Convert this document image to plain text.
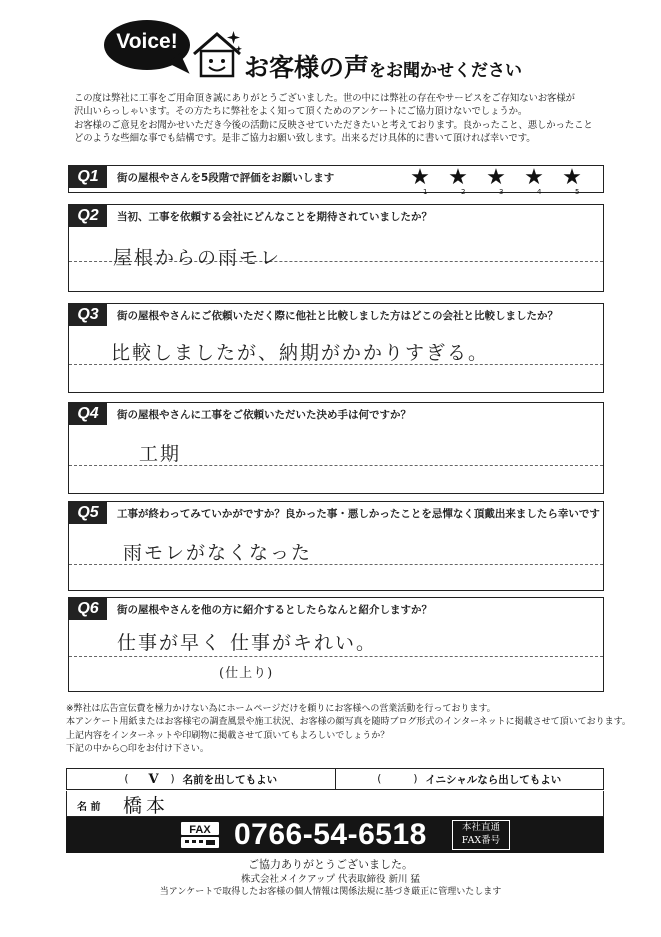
Voice!
お客様の声をお聞かせください

この度は弊社に工事をご用命頂き誠にありがとうございました。世の中には弊社の存在やサービスをご存知ないお客様が

沢山いらっしゃいます。その方たちに弊社をよく知って頂くためのアンケートにご協力頂けないでしょうか。

お客様のご意見をお聞かせいただき今後の活動に反映させていただきたいと考えております。良かったこと、悪しかったこと

どのような些細な事でも結構です。是非ご協力お願い致します。出来るだけ具体的に書いて頂ければ幸いです。

Q1	街の屋根やさんを5段階で評価をお願いします	★
1
★
2
★
3
★
4
★
5
Q2	当初、工事を依頼する会社にどんなことを期待されていましたか？
屋根からの雨モレ
Q3	街の屋根やさんにご依頼いただく際に他社と比較しました方はどこの会社と比較しましたか？
比較しましたが、納期がかかりすぎる。
Q4	街の屋根やさんに工事をご依頼いただいた決め手は何ですか？
工期
Q5	工事が終わってみていかがですか？良かった事・悪しかったことを忌憚なく頂戴出来ましたら幸いです
雨モレがなくなった
Q6	街の屋根やさんを他の方に紹介するとしたらなんと紹介しますか？
仕事が早く 仕事がキれい。
(仕上り)

※弊社は広告宣伝費を極力かけない為にホームページだけを頼りにお客様への営業活動を行っております。

本アンケート用紙またはお客様宅の調査風景や施工状況、お客様の顔写真を随時ブログ形式のインターネットに掲載させて頂いております。

上記内容をインターネットや印刷物に掲載させて頂いてもよろしいでしょうか？

下記の中から○印をお付け下さい。

( V ) 名前を出してもよい	(	) イニシャルなら出してもよい
名 前 橋本
FAX 0766-54-6518	本社直通
FAX番号
ご協力ありがとうございました。
株式会社メイクアップ 代表取締役 新川 猛
当アンケートで取得したお客様の個人情報は関係法規に基づき厳正に管理いたします
